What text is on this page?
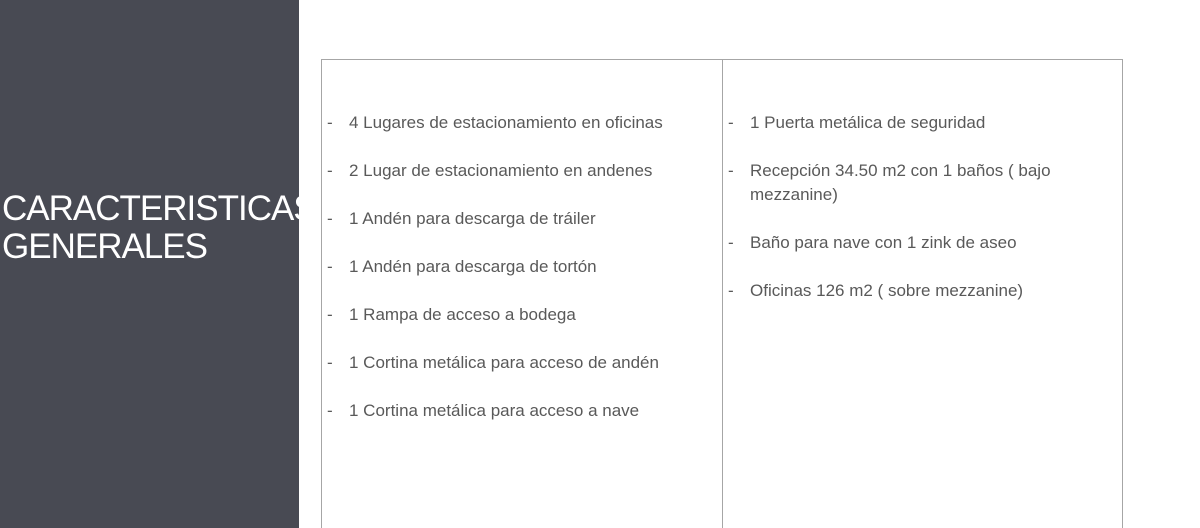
CARACTERISTICAS
GENERALES
- 4 Lugares de estacionamiento en oficinas
- 2 Lugar de estacionamiento en andenes
- 1 Andén para descarga de tráiler
- 1 Andén para descarga de tortón
- 1 Rampa de acceso a bodega
- 1 Cortina metálica para acceso de andén
- 1 Cortina metálica para acceso a nave
- 1 Puerta metálica de seguridad
- Recepción 34.50 m2 con 1 baños ( bajo mezzanine)
- Baño para nave con 1 zink de aseo
- Oficinas 126 m2 ( sobre mezzanine)
